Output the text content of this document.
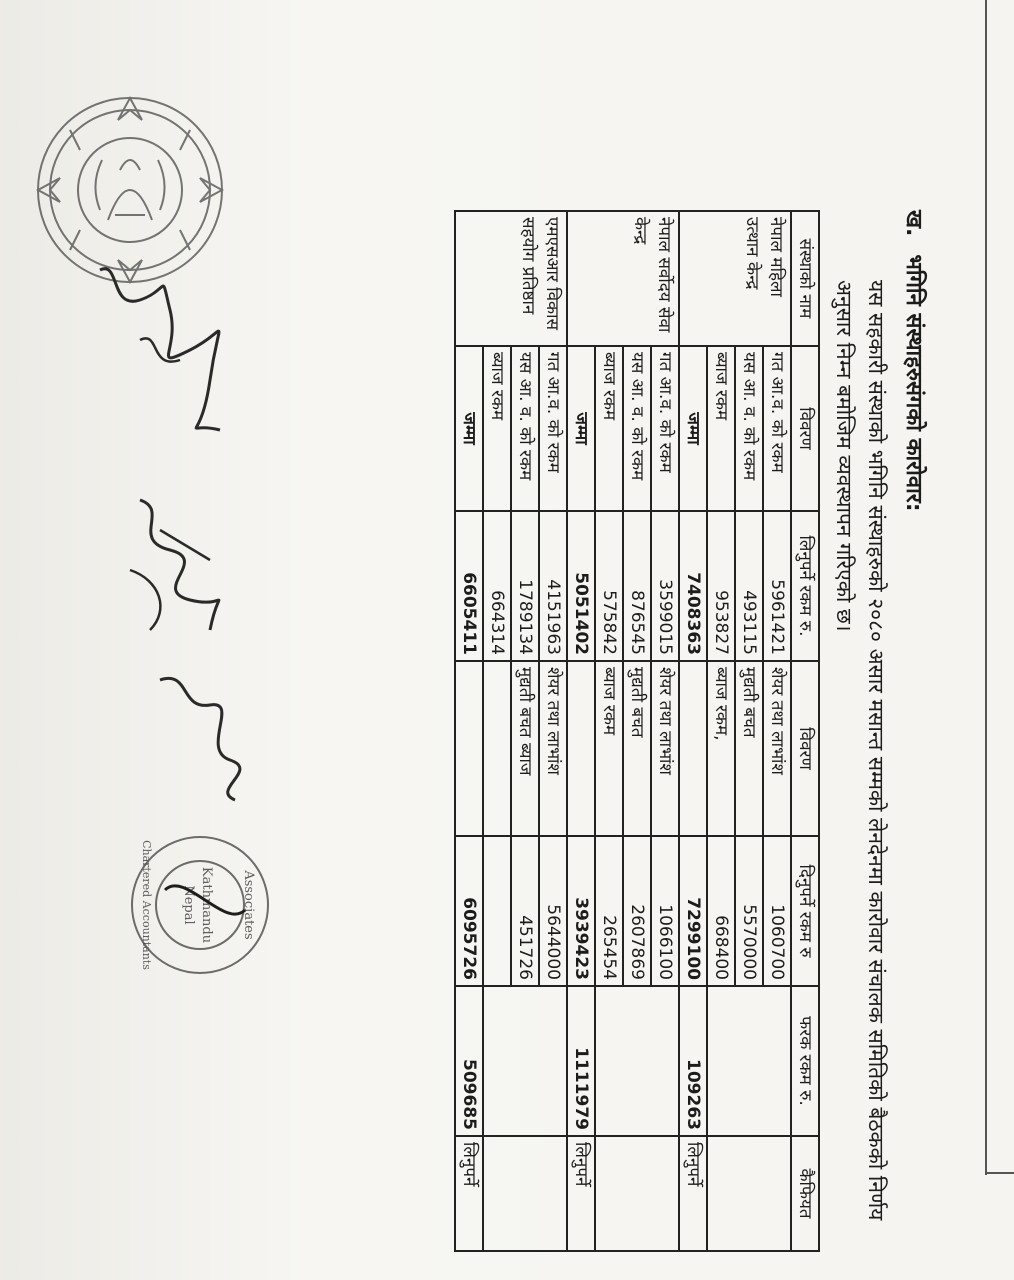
ख.भगिनि संस्थाहरुसंगको कारोवार:
यस सहकारी संस्थाको भगिनि संस्थाहरुको २०८० असार मसान्त सम्मको लेनदेनमा कारोवार संचालक समितिको बैठकको निर्णय अनुसार निम्न बमोजिम व्यवस्थापन गरिएको छ।
संस्थाको नाम	विवरण	लिनुपर्ने रकम रु.	विवरण	दिनुपर्ने रकम रु	फरक रकम रु.	कैफियत
नेपाल महिला उत्थान केन्द्र	गत आ.व. को रकम	5961421	शेयर तथा लाभांश	1060700		
	यस आ. व. को रकम	493115	मुद्यती बचत	5570000		
	ब्याज रकम	953827	ब्याज रकम,	668400		
	जम्मा	7408363		7299100	109263	लिनुपर्ने
नेपाल सर्वोदय सेवा केन्द्र	गत आ.व. को रकम	3599015	शेयर तथा लाभांश	1066100		
	यस आ. व. को रकम	876545	मुद्यती बचत	2607869		
	ब्याज रकम	575842	ब्याज रकम	265454		
	जम्मा	5051402		3939423	1111979	लिनुपर्ने
एमएसआर विकास सहयोग प्रतिष्ठान	गत आ.व. को रकम	4151963	शेयर तथा लाभांश	5644000		
	यस आ. व. को रकम	1789134	मुद्यती बचत ब्याज	451726		
	ब्याज रकम	664314				
	जम्मा	6605411		6095726	509685	लिनुपर्ने
Associates
Kathmandu
Nepal
Chartered Accountants
